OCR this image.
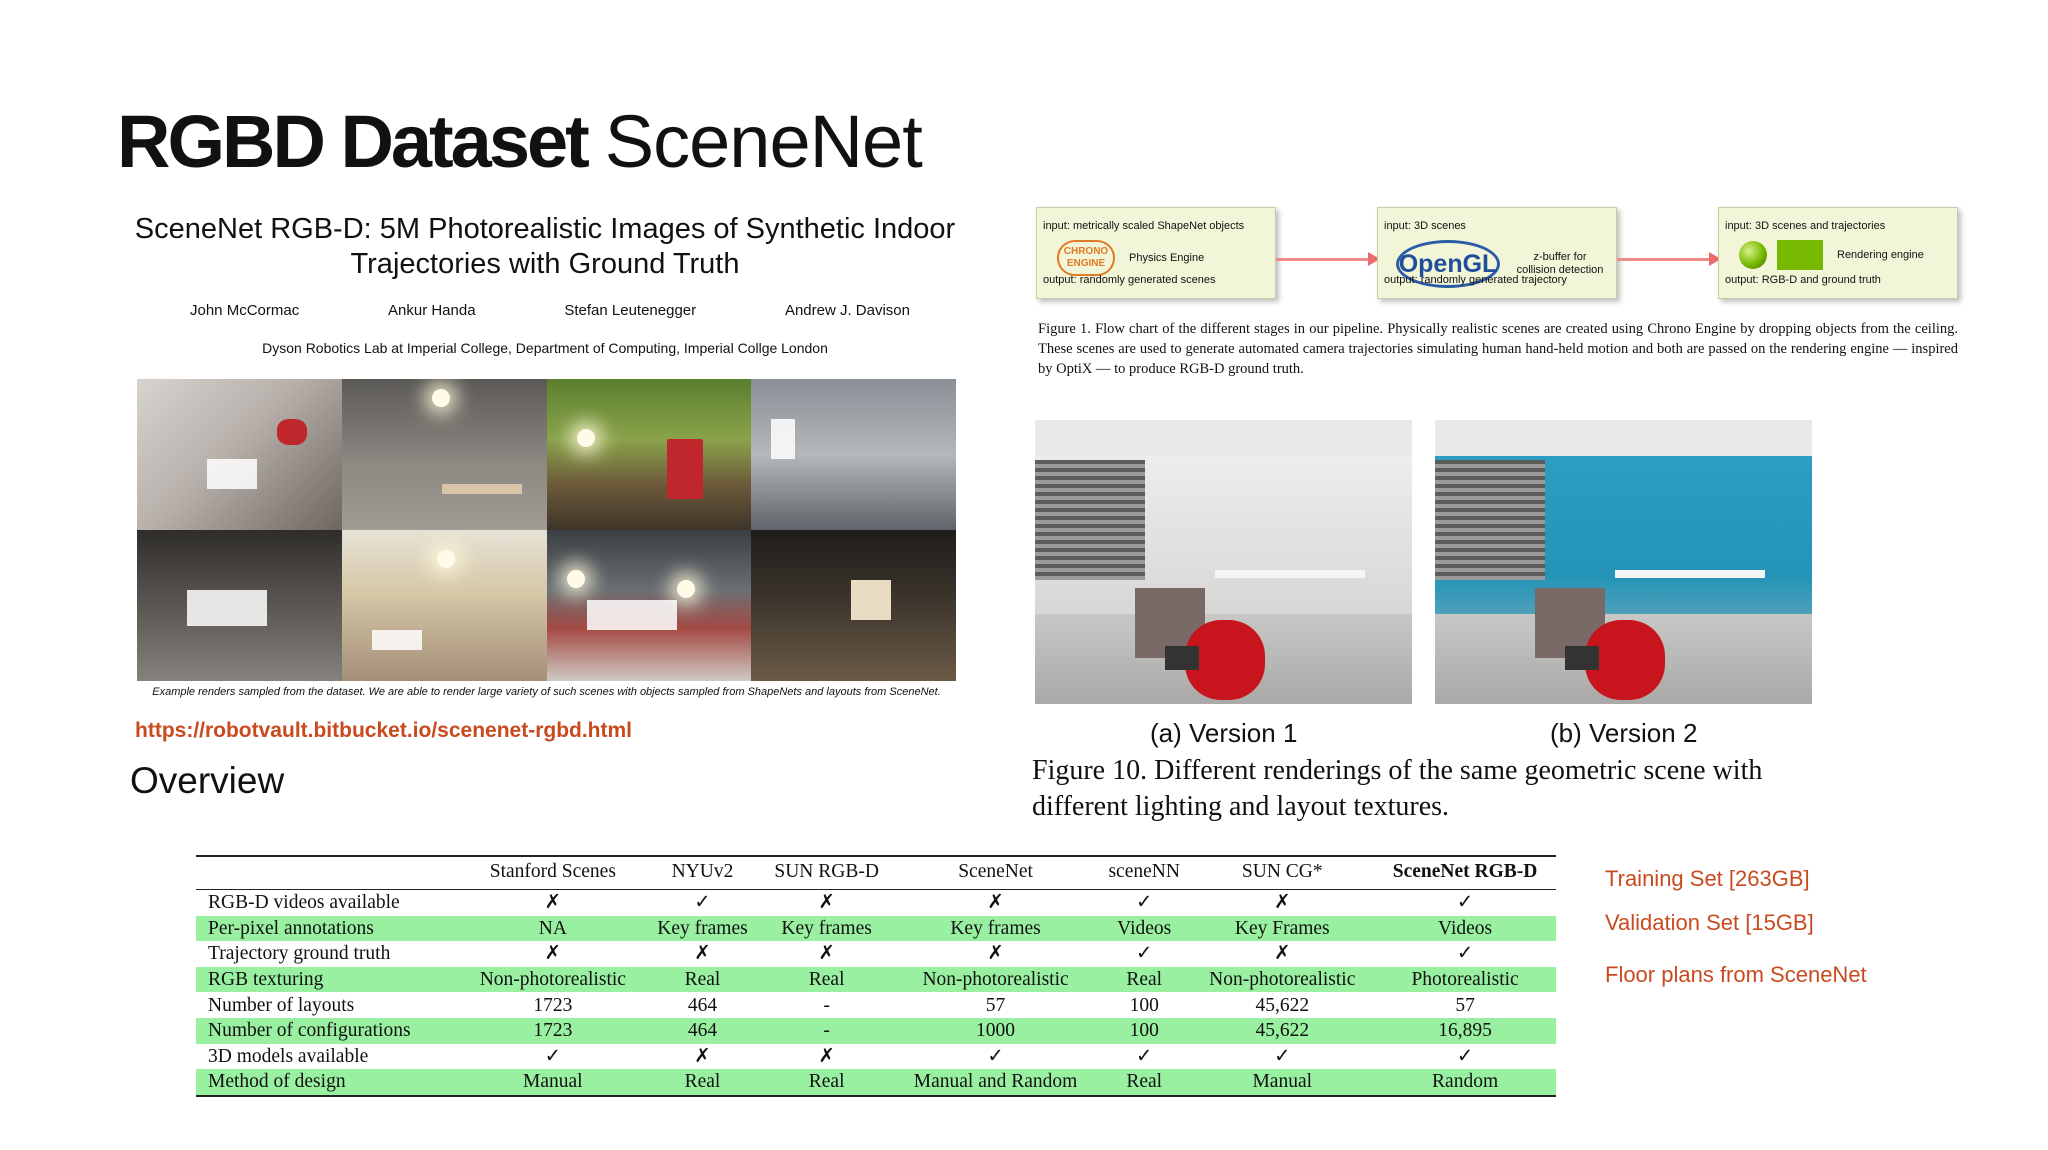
RGBD Dataset SceneNet
SceneNet RGB-D: 5M Photorealistic Images of Synthetic Indoor Trajectories with Ground Truth
John McCormac	Ankur Handa	Stefan Leutenegger	Andrew J. Davison
Dyson Robotics Lab at Imperial College, Department of Computing, Imperial Collge London
Example renders sampled from the dataset. We are able to render large variety of such scenes with objects sampled from ShapeNets and layouts from SceneNet.
https://robotvault.bitbucket.io/scenenet-rgbd.html
Overview
input: metrically scaled ShapeNet objects
CHRONO ENGINE	Physics Engine
output: randomly generated scenes
input: 3D scenes
OpenGL	z-buffer for collision detection
output: randomly generated trajectory
input: 3D scenes and trajectories
Rendering engine
output: RGB-D and ground truth
Figure 1. Flow chart of the different stages in our pipeline. Physically realistic scenes are created using Chrono Engine by dropping objects from the ceiling. These scenes are used to generate automated camera trajectories simulating human hand-held motion and both are passed on the rendering engine — inspired by OptiX — to produce RGB-D ground truth.
(a) Version 1	(b) Version 2
Figure 10. Different renderings of the same geometric scene with different lighting and layout textures.
	Stanford Scenes	NYUv2	SUN RGB-D	SceneNet	sceneNN	SUN CG*	SceneNet RGB-D
RGB-D videos available	✗	✓	✗	✗	✓	✗	✓
Per-pixel annotations	NA	Key frames	Key frames	Key frames	Videos	Key Frames	Videos
Trajectory ground truth	✗	✗	✗	✗	✓	✗	✓
RGB texturing	Non-photorealistic	Real	Real	Non-photorealistic	Real	Non-photorealistic	Photorealistic
Number of layouts	1723	464	-	57	100	45,622	57
Number of configurations	1723	464	-	1000	100	45,622	16,895
3D models available	✓	✗	✗	✓	✓	✓	✓
Method of design	Manual	Real	Real	Manual and Random	Real	Manual	Random
Training Set [263GB]
Validation Set [15GB]
Floor plans from SceneNet
